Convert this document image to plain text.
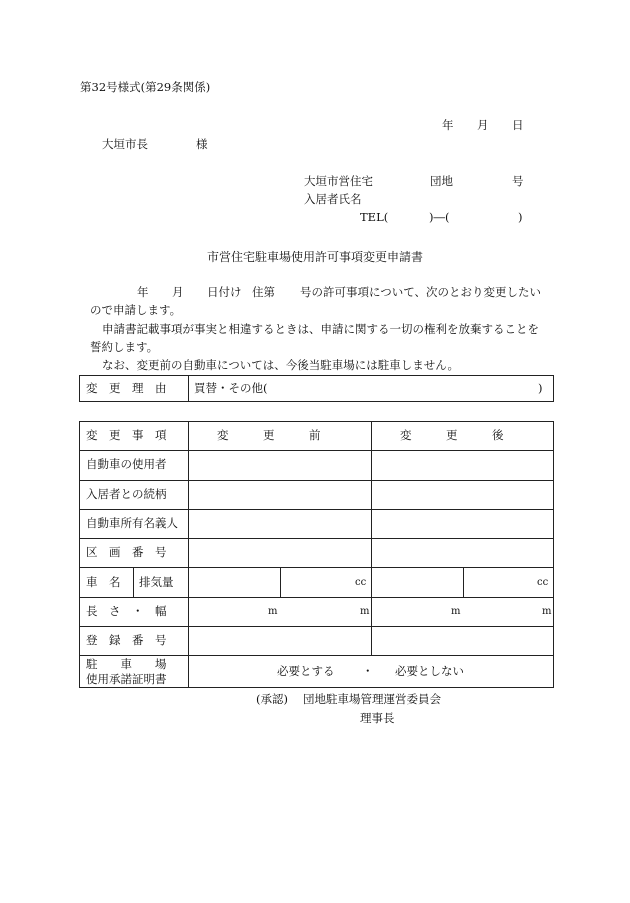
第32号様式(第29条関係)
年 月 日
大垣市長	様
大垣市営住宅	団地	号
入居者氏名
TEL(	)―(	)
市営住宅駐車場使用許可事項変更申請書
年 月 日付け 住第 号の許可事項について、次のとおり変更したい
ので申請します。
申請書記載事項が事実と相違するときは、申請に関する一切の権利を放棄することを
誓約します。
なお、変更前の自動車については、今後当駐車場には駐車しません。
変　更　理　由 買替・その他(	)
変　更　事　項	変　　　更　　　前	変　　　更　　　後
自動車の使用者
入居者との続柄
自動車所有名義人
区　画　番　号
車　名 排気量	cc	cc
長　さ　・　幅	m	m	m	m
登　録　番　号
駐　　車　　場
使用承諾証明書
必要とする ・ 必要としない
(承認) 団地駐車場管理運営委員会
理事長
